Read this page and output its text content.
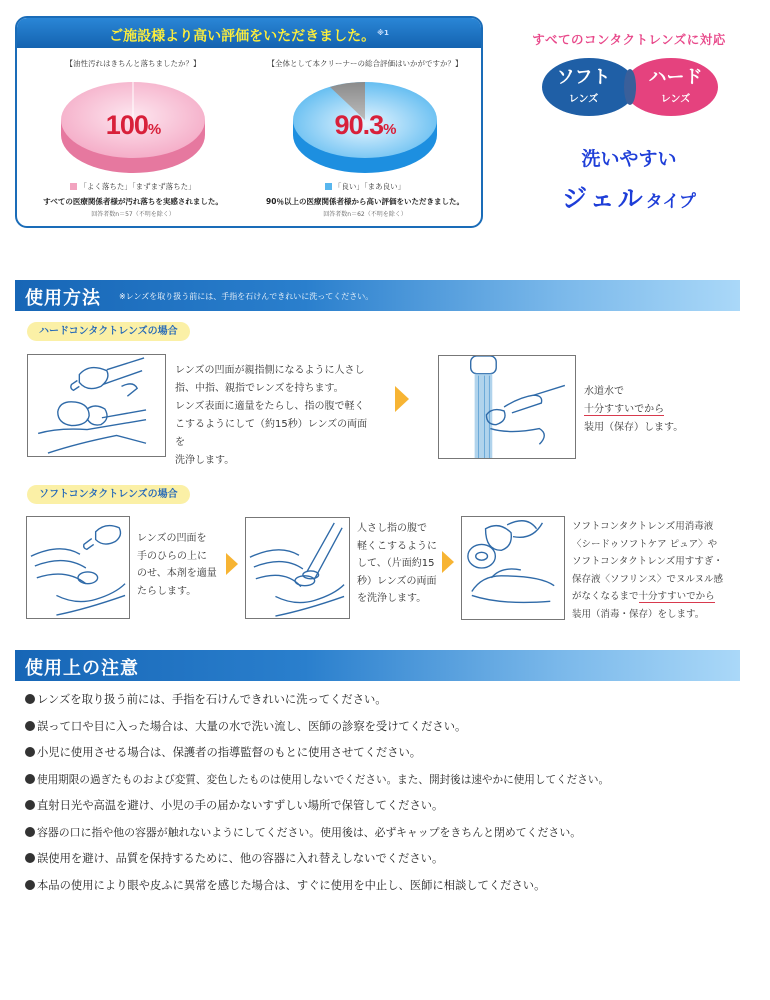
ご施設様より高い評価をいただきました。 $^{※1}$
【油性汚れはきちんと落ちましたか？】
100%
「よく落ちた」「まずまず落ちた」
すべての医療関係者様が汚れ落ちを実感されました。
回答者数n＝57（不明を除く）
【全体として本クリーナーの総合評価はいかがですか？】
90.3%
「良い」「まあ良い」
90％以上の医療関係者様から高い評価をいただきました。
回答者数n＝62（不明を除く）
すべてのコンタクトレンズに対応
ソフト
レンズ
ハード
レンズ
洗いやすい
ジェルタイプ
使用方法 ※レンズを取り扱う前には、手指を石けんできれいに洗ってください。
ハードコンタクトレンズの場合
レンズの凹面が親指側になるように人さし
指、中指、親指でレンズを持ちます。
レンズ表面に適量をたらし、指の腹で軽く
こするようにして（約15秒）レンズの両面を
洗浄します。
水道水で
十分すすいでから
装用（保存）します。
ソフトコンタクトレンズの場合
レンズの凹面を
手のひらの上に
のせ、本剤を適量
たらします。
人さし指の腹で
軽くこするように
して、（片面約15
秒）レンズの両面
を洗浄します。
ソフトコンタクトレンズ用消毒液
〈シードゥソフトケア ピュア〉や
ソフトコンタクトレンズ用すすぎ・
保存液〈ソフリンス〉でヌルヌル感
がなくなるまで十分すすいでから
装用（消毒・保存）をします。
使用上の注意
レンズを取り扱う前には、手指を石けんできれいに洗ってください。
誤って口や目に入った場合は、大量の水で洗い流し、医師の診察を受けてください。
小児に使用させる場合は、保護者の指導監督のもとに使用させてください。
使用期限の過ぎたものおよび変質、変色したものは使用しないでください。また、開封後は速やかに使用してください。
直射日光や高温を避け、小児の手の届かないすずしい場所で保管してください。
容器の口に指や他の容器が触れないようにしてください。使用後は、必ずキャップをきちんと閉めてください。
誤使用を避け、品質を保持するために、他の容器に入れ替えしないでください。
本品の使用により眼や皮ふに異常を感じた場合は、すぐに使用を中止し、医師に相談してください。
